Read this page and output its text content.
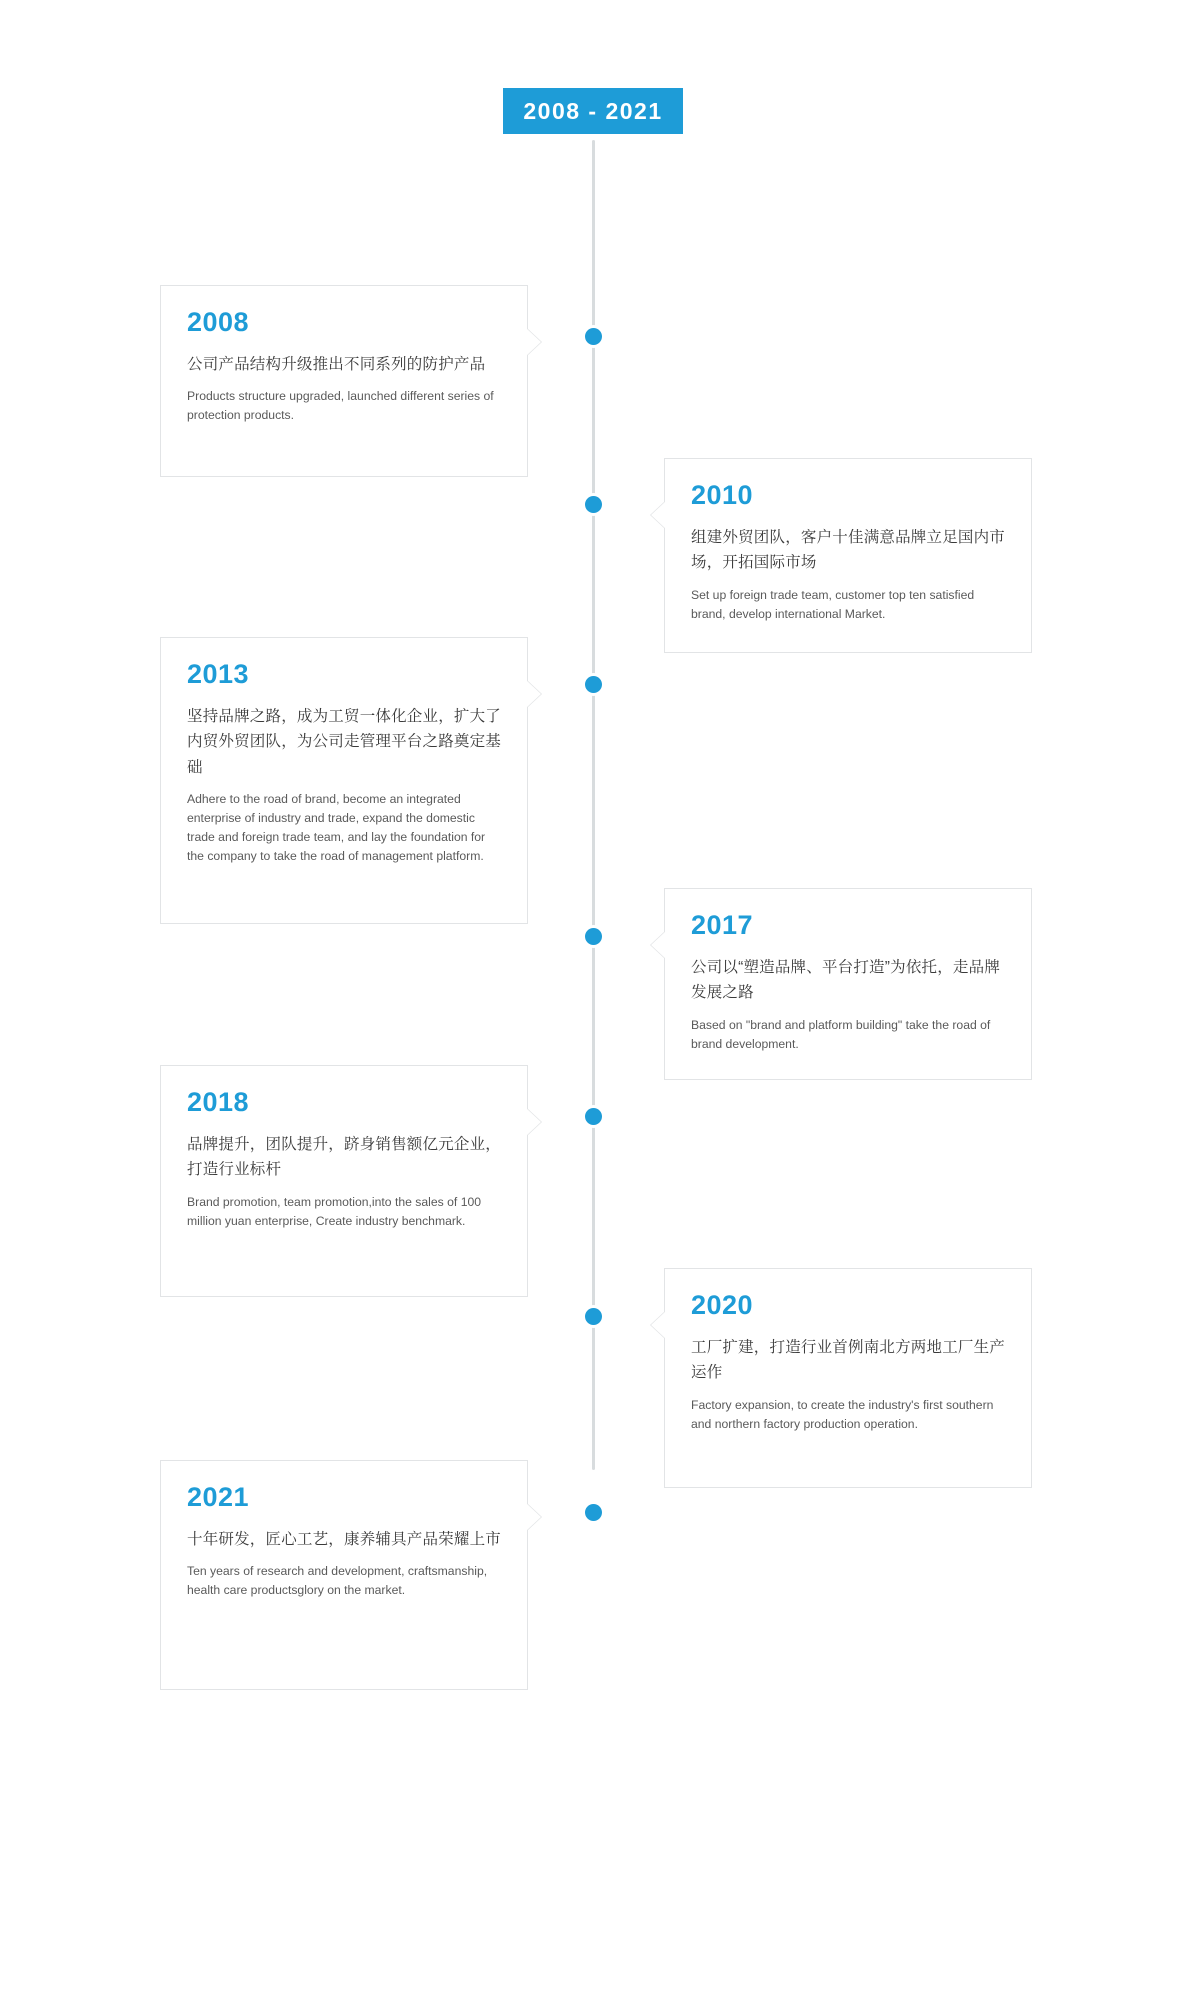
2008 - 2021
2008
公司产品结构升级推出不同系列的防护产品
Products structure upgraded, launched different series of protection products.
2010
组建外贸团队，客户十佳满意品牌立足国内市场，开拓国际市场
Set up foreign trade team, customer top ten satisfied brand, develop international Market.
2013
坚持品牌之路，成为工贸一体化企业，扩大了内贸外贸团队，为公司走管理平台之路奠定基础
Adhere to the road of brand, become an integrated enterprise of industry and trade, expand the domestic trade and foreign trade team, and lay the foundation for the company to take the road of management platform.
2017
公司以“塑造品牌、平台打造”为依托，走品牌发展之路
Based on "brand and platform building" take the road of brand development.
2018
品牌提升，团队提升，跻身销售额亿元企业，打造行业标杆
Brand promotion, team promotion,into the sales of 100 million yuan enterprise, Create industry benchmark.
2020
工厂扩建，打造行业首例南北方两地工厂生产运作
Factory expansion, to create the industry's first southern and northern factory production operation.
2021
十年研发，匠心工艺，康养辅具产品荣耀上市
Ten years of research and development, craftsmanship, health care productsglory on the market.
